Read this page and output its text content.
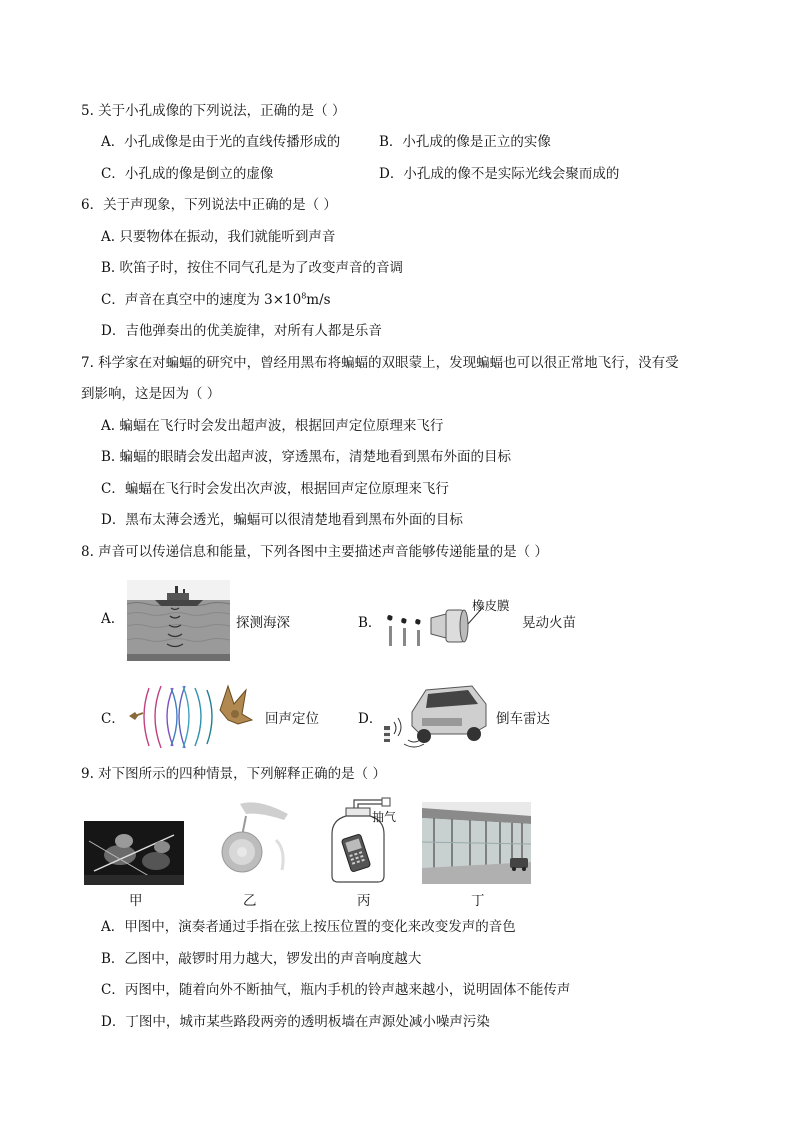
5. 关于小孔成像的下列说法，正确的是（ ）
A．小孔成像是由于光的直线传播形成的	B．小孔成的像是正立的实像
C．小孔成的像是倒立的虚像	D．小孔成的像不是实际光线会聚而成的
6．关于声现象，下列说法中正确的是（ ）
A. 只要物体在振动，我们就能听到声音
B. 吹笛子时，按住不同气孔是为了改变声音的音调
C．声音在真空中的速度为 $3\times 10^8m/s$
D．吉他弹奏出的优美旋律，对所有人都是乐音
7. 科学家在对蝙蝠的研究中，曾经用黑布将蝙蝠的双眼蒙上，发现蝙蝠也可以很正常地飞行，没有受
到影响，这是因为（ ）
A. 蝙蝠在飞行时会发出超声波，根据回声定位原理来飞行
B. 蝙蝠的眼睛会发出超声波，穿透黑布，清楚地看到黑布外面的目标
C．蝙蝠在飞行时会发出次声波，根据回声定位原理来飞行
D．黑布太薄会透光，蝙蝠可以很清楚地看到黑布外面的目标
8. 声音可以传递信息和能量，下列各图中主要描述声音能够传递能量的是（ ）
A.	探测海深	B．
橡皮膜
晃动火苗
C．	回声定位	D．	倒车雷达
9. 对下图所示的四种情景，下列解释正确的是（ ）
甲	乙
抽气
丙	丁
A．甲图中，演奏者通过手指在弦上按压位置的变化来改变发声的音色
B．乙图中，敲锣时用力越大，锣发出的声音响度越大
C．丙图中，随着向外不断抽气，瓶内手机的铃声越来越小，说明固体不能传声
D．丁图中，城市某些路段两旁的透明板墙在声源处减小噪声污染
